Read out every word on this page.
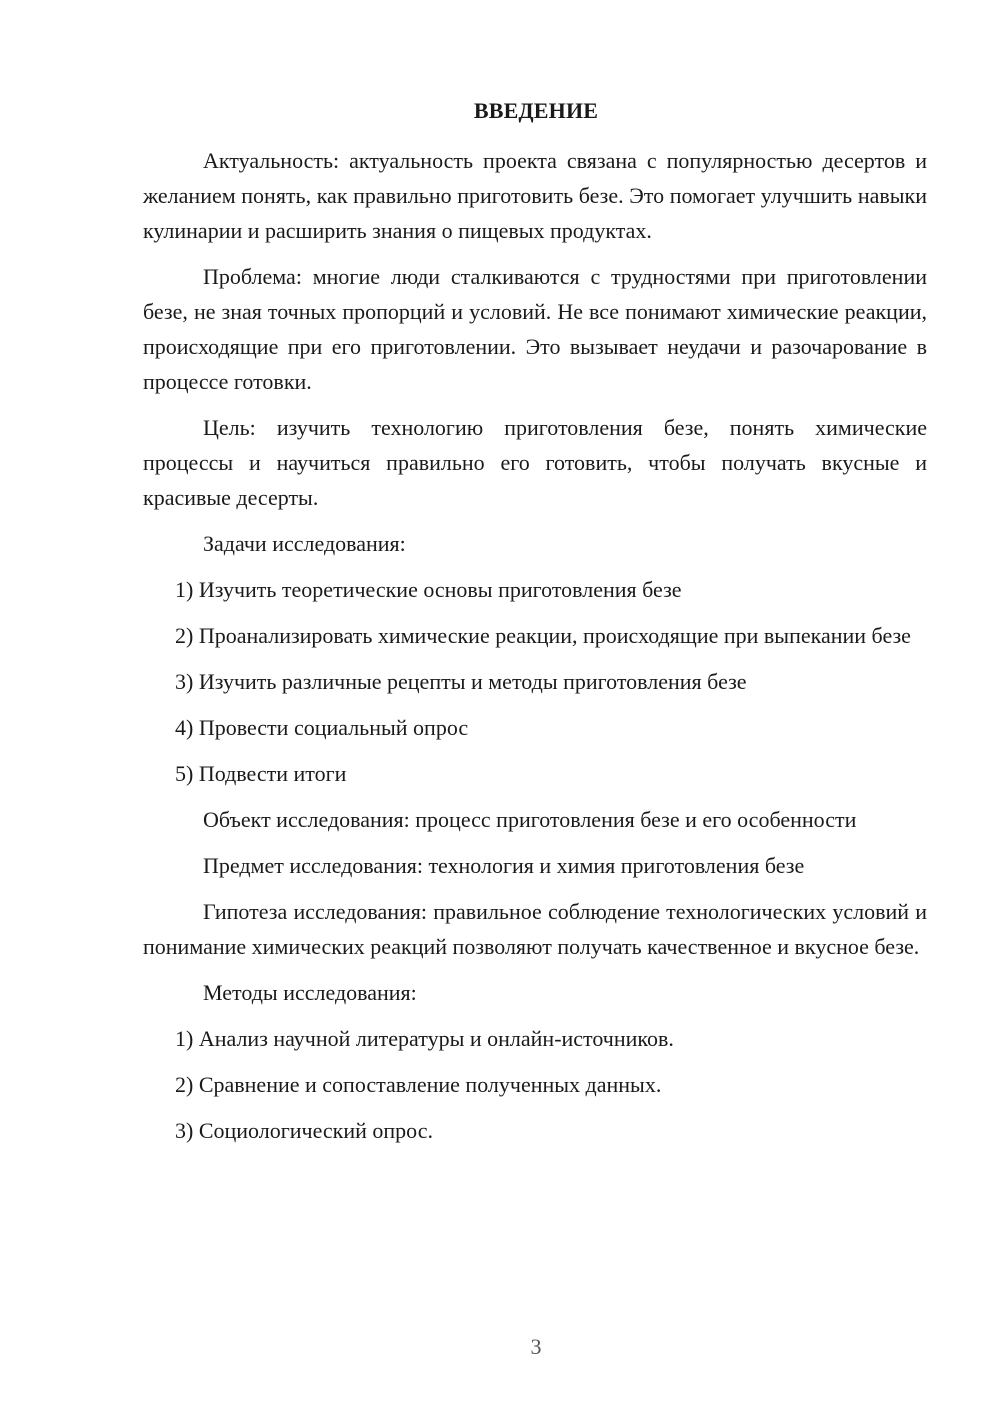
ВВЕДЕНИЕ

Актуальность: актуальность проекта связана с популярностью десертов и желанием понять, как правильно приготовить безе. Это помогает улучшить навыки кулинарии и расширить знания о пищевых продуктах.

Проблема: многие люди сталкиваются с трудностями при приготовлении безе, не зная точных пропорций и условий. Не все понимают химические реакции, происходящие при его приготовлении. Это вызывает неудачи и разочарование в процессе готовки.

Цель: изучить технологию приготовления безе, понять химические процессы и научиться правильно его готовить, чтобы получать вкусные и красивые десерты.

Задачи исследования:

1) Изучить теоретические основы приготовления безе

2) Проанализировать химические реакции, происходящие при выпекании безе

3) Изучить различные рецепты и методы приготовления безе

4) Провести социальный опрос

5) Подвести итоги

Объект исследования: процесс приготовления безе и его особенности

Предмет исследования: технология и химия приготовления безе

Гипотеза исследования: правильное соблюдение технологических условий и понимание химических реакций позволяют получать качественное и вкусное безе.

Методы исследования:

1) Анализ научной литературы и онлайн-источников.

2) Сравнение и сопоставление полученных данных.

3) Социологический опрос.

3
